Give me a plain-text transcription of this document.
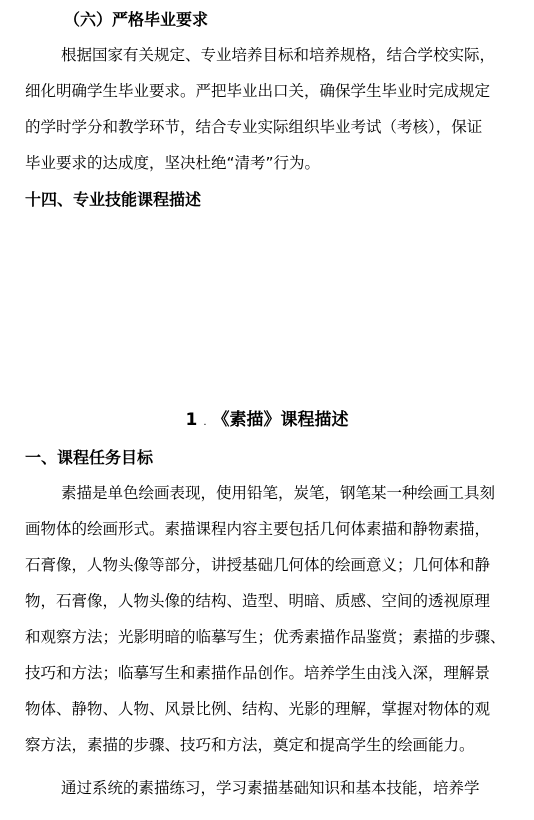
（六）严格毕业要求
根据国家有关规定、专业培养目标和培养规格，结合学校实际，
细化明确学生毕业要求。严把毕业出口关，确保学生毕业时完成规定
的学时学分和教学环节，结合专业实际组织毕业考试（考核），保证
毕业要求的达成度，坚决杜绝“清考”行为。
十四、专业技能课程描述
1 . 《素描》课程描述
一、课程任务目标
素描是单色绘画表现，使用铅笔，炭笔，钢笔某一种绘画工具刻
画物体的绘画形式。素描课程内容主要包括几何体素描和静物素描，
石膏像，人物头像等部分，讲授基础几何体的绘画意义；几何体和静
物，石膏像，人物头像的结构、造型、明暗、质感、空间的透视原理
和观察方法；光影明暗的临摹写生；优秀素描作品鉴赏；素描的步骤、
技巧和方法；临摹写生和素描作品创作。培养学生由浅入深，理解景
物体、静物、人物、风景比例、结构、光影的理解，掌握对物体的观
察方法，素描的步骤、技巧和方法，奠定和提高学生的绘画能力。
通过系统的素描练习，学习素描基础知识和基本技能，培养学
